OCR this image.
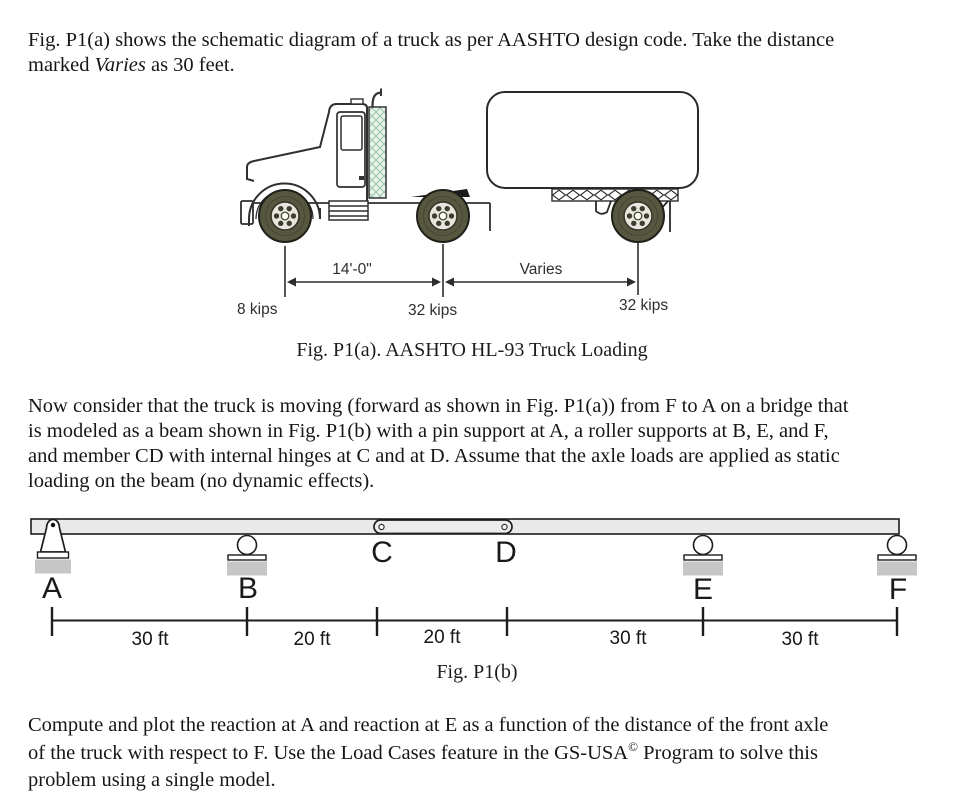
Fig. P1(a) shows the schematic diagram of a truck as per AASHTO design code. Take the distance
marked Varies as 30 feet.
14'-0"	Varies
8 kips	32 kips	32 kips
Fig. P1(a). AASHTO HL-93 Truck Loading
Now consider that the truck is moving (forward as shown in Fig. P1(a)) from F to A on a bridge that
is modeled as a beam shown in Fig. P1(b) with a pin support at A, a roller supports at B, E, and F,
and member CD with internal hinges at C and at D. Assume that the axle loads are applied as static
loading on the beam (no dynamic effects).
A	B
C	D
E	F
30 ft	20 ft	20 ft	30 ft	30 ft
Fig. P1(b)
Compute and plot the reaction at A and reaction at E as a function of the distance of the front axle
of the truck with respect to F. Use the Load Cases feature in the GS-USA© Program to solve this
problem using a single model.
